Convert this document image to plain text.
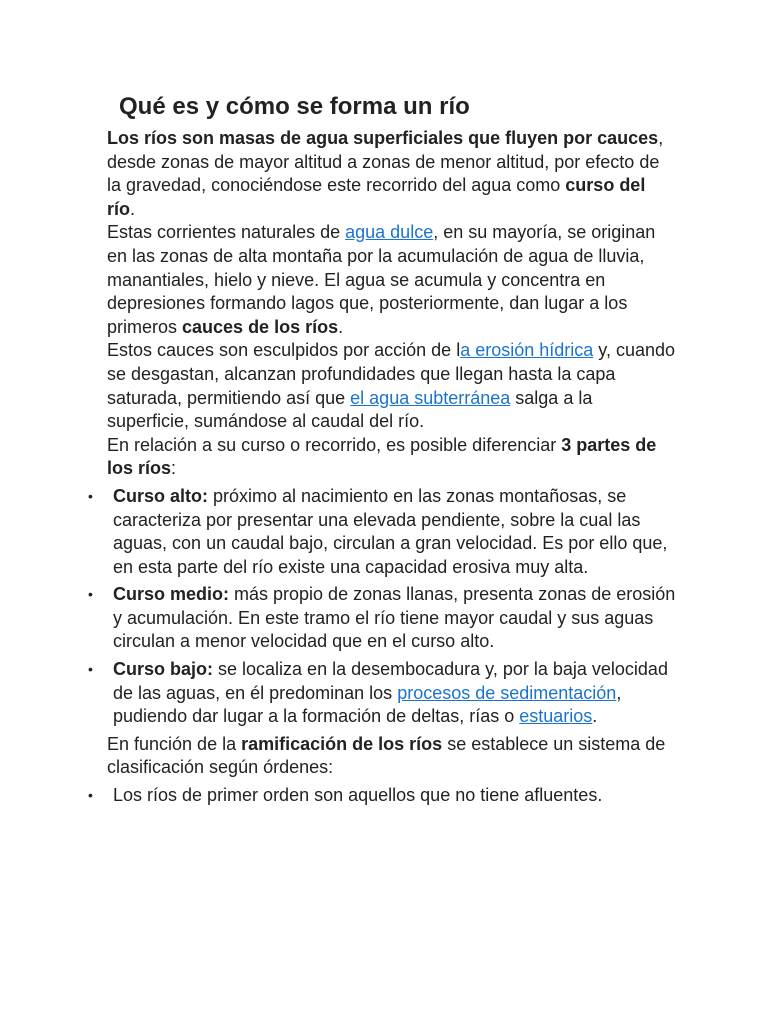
Qué es y cómo se forma un río

Los ríos son masas de agua superficiales que fluyen por cauces, desde zonas de mayor altitud a zonas de menor altitud, por efecto de la gravedad, conociéndose este recorrido del agua como curso del río.

Estas corrientes naturales de agua dulce, en su mayoría, se originan en las zonas de alta montaña por la acumulación de agua de lluvia, manantiales, hielo y nieve. El agua se acumula y concentra en depresiones formando lagos que, posteriormente, dan lugar a los primeros cauces de los ríos.

Estos cauces son esculpidos por acción de la erosión hídrica y, cuando se desgastan, alcanzan profundidades que llegan hasta la capa saturada, permitiendo así que el agua subterránea salga a la superficie, sumándose al caudal del río.

En relación a su curso o recorrido, es posible diferenciar 3 partes de los ríos:

• Curso alto: próximo al nacimiento en las zonas montañosas, se caracteriza por presentar una elevada pendiente, sobre la cual las aguas, con un caudal bajo, circulan a gran velocidad. Es por ello que, en esta parte del río existe una capacidad erosiva muy alta.
• Curso medio: más propio de zonas llanas, presenta zonas de erosión y acumulación. En este tramo el río tiene mayor caudal y sus aguas circulan a menor velocidad que en el curso alto.
• Curso bajo: se localiza en la desembocadura y, por la baja velocidad de las aguas, en él predominan los procesos de sedimentación, pudiendo dar lugar a la formación de deltas, rías o estuarios.

En función de la ramificación de los ríos se establece un sistema de clasificación según órdenes:

• Los ríos de primer orden son aquellos que no tiene afluentes.
